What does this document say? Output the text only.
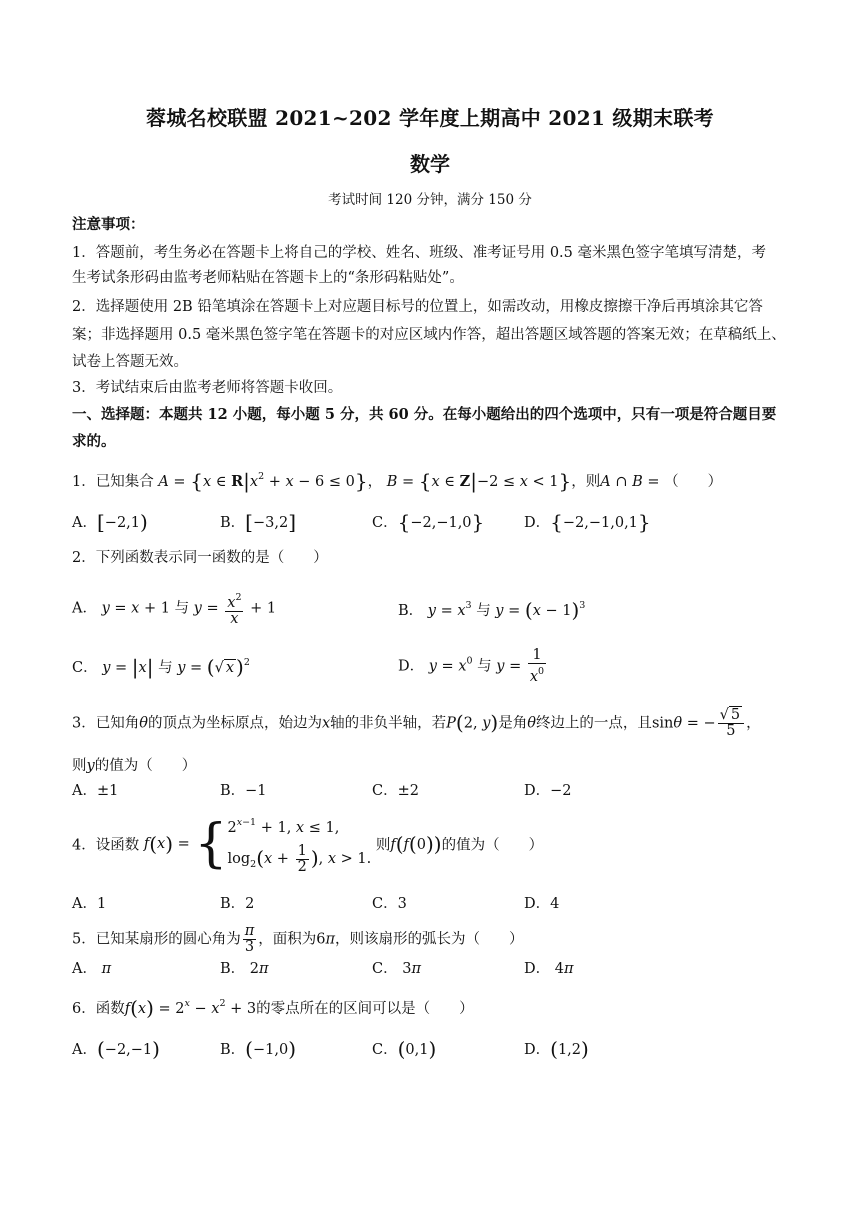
蓉城名校联盟 2021~202 学年度上期高中 2021 级期末联考
数学
考试时间 120 分钟，满分 150 分
注意事项：
1．答题前，考生务必在答题卡上将自己的学校、姓名、班级、准考证号用 0.5 毫米黑色签字笔填写清楚，考
生考试条形码由监考老师粘贴在答题卡上的“条形码粘贴处”。
2．选择题使用 2B 铅笔填涂在答题卡上对应题目标号的位置上，如需改动，用橡皮擦擦干净后再填涂其它答
案；非选择题用 0.5 毫米黑色签字笔在答题卡的对应区域内作答，超出答题区域答题的答案无效；在草稿纸上、
试卷上答题无效。
3．考试结束后由监考老师将答题卡收回。
一、选择题：本题共 12 小题，每小题 5 分，共 60 分。在每小题给出的四个选项中，只有一项是符合题目要
求的。
1．已知集合 A = {x ∈ $R|x^2 + x - 6 \le 0$}， B = {x ∈ Z|−2 ≤ x < 1}，则A ∩ B = （　　）
A．[−2,1)	B．[−3,2]	C．{−2,−1,0}	D．{−2,−1,0,1}
2．下列函数表示同一函数的是（　　）
A． y = x + 1 与 $y = \frac{x^2}{x} + 1$	B． $y = x^3$ 与 $y = (x - 1)^3$
C． y = |x| 与 y = (√ x )$^2$	D． $y = x^0$ 与 $y = \frac{1}{x^0}$
3．已知角θ的顶点为坐标原点，始边为x轴的非负半轴，若P(2, y)是角θ终边上的一点，且sinθ = − $\frac{√ 5}{5}$ ，
则y的值为（　　）
A．±1	B．−1	C．±2	D．−2
4．设函数 f(x) = { $2^{x-1} + 1$, x ≤ 1,
$\log_2(x + \frac{1}{2}$ ), x > 1.
则f(f(0))的值为（　　）
A．1	B．2	C．3	D．4
5．已知某扇形的圆心角为 $\frac{\pi}{3}$ ，面积为6π，则该扇形的弧长为（　　）
A． π	B． 2π	C． 3π	D． 4π
6．函数$f(x) = 2^x - x^2 + 3$的零点所在的区间可以是（　　）
A．(−2,−1)	B．(−1,0)	C．(0,1)	D．(1,2)
